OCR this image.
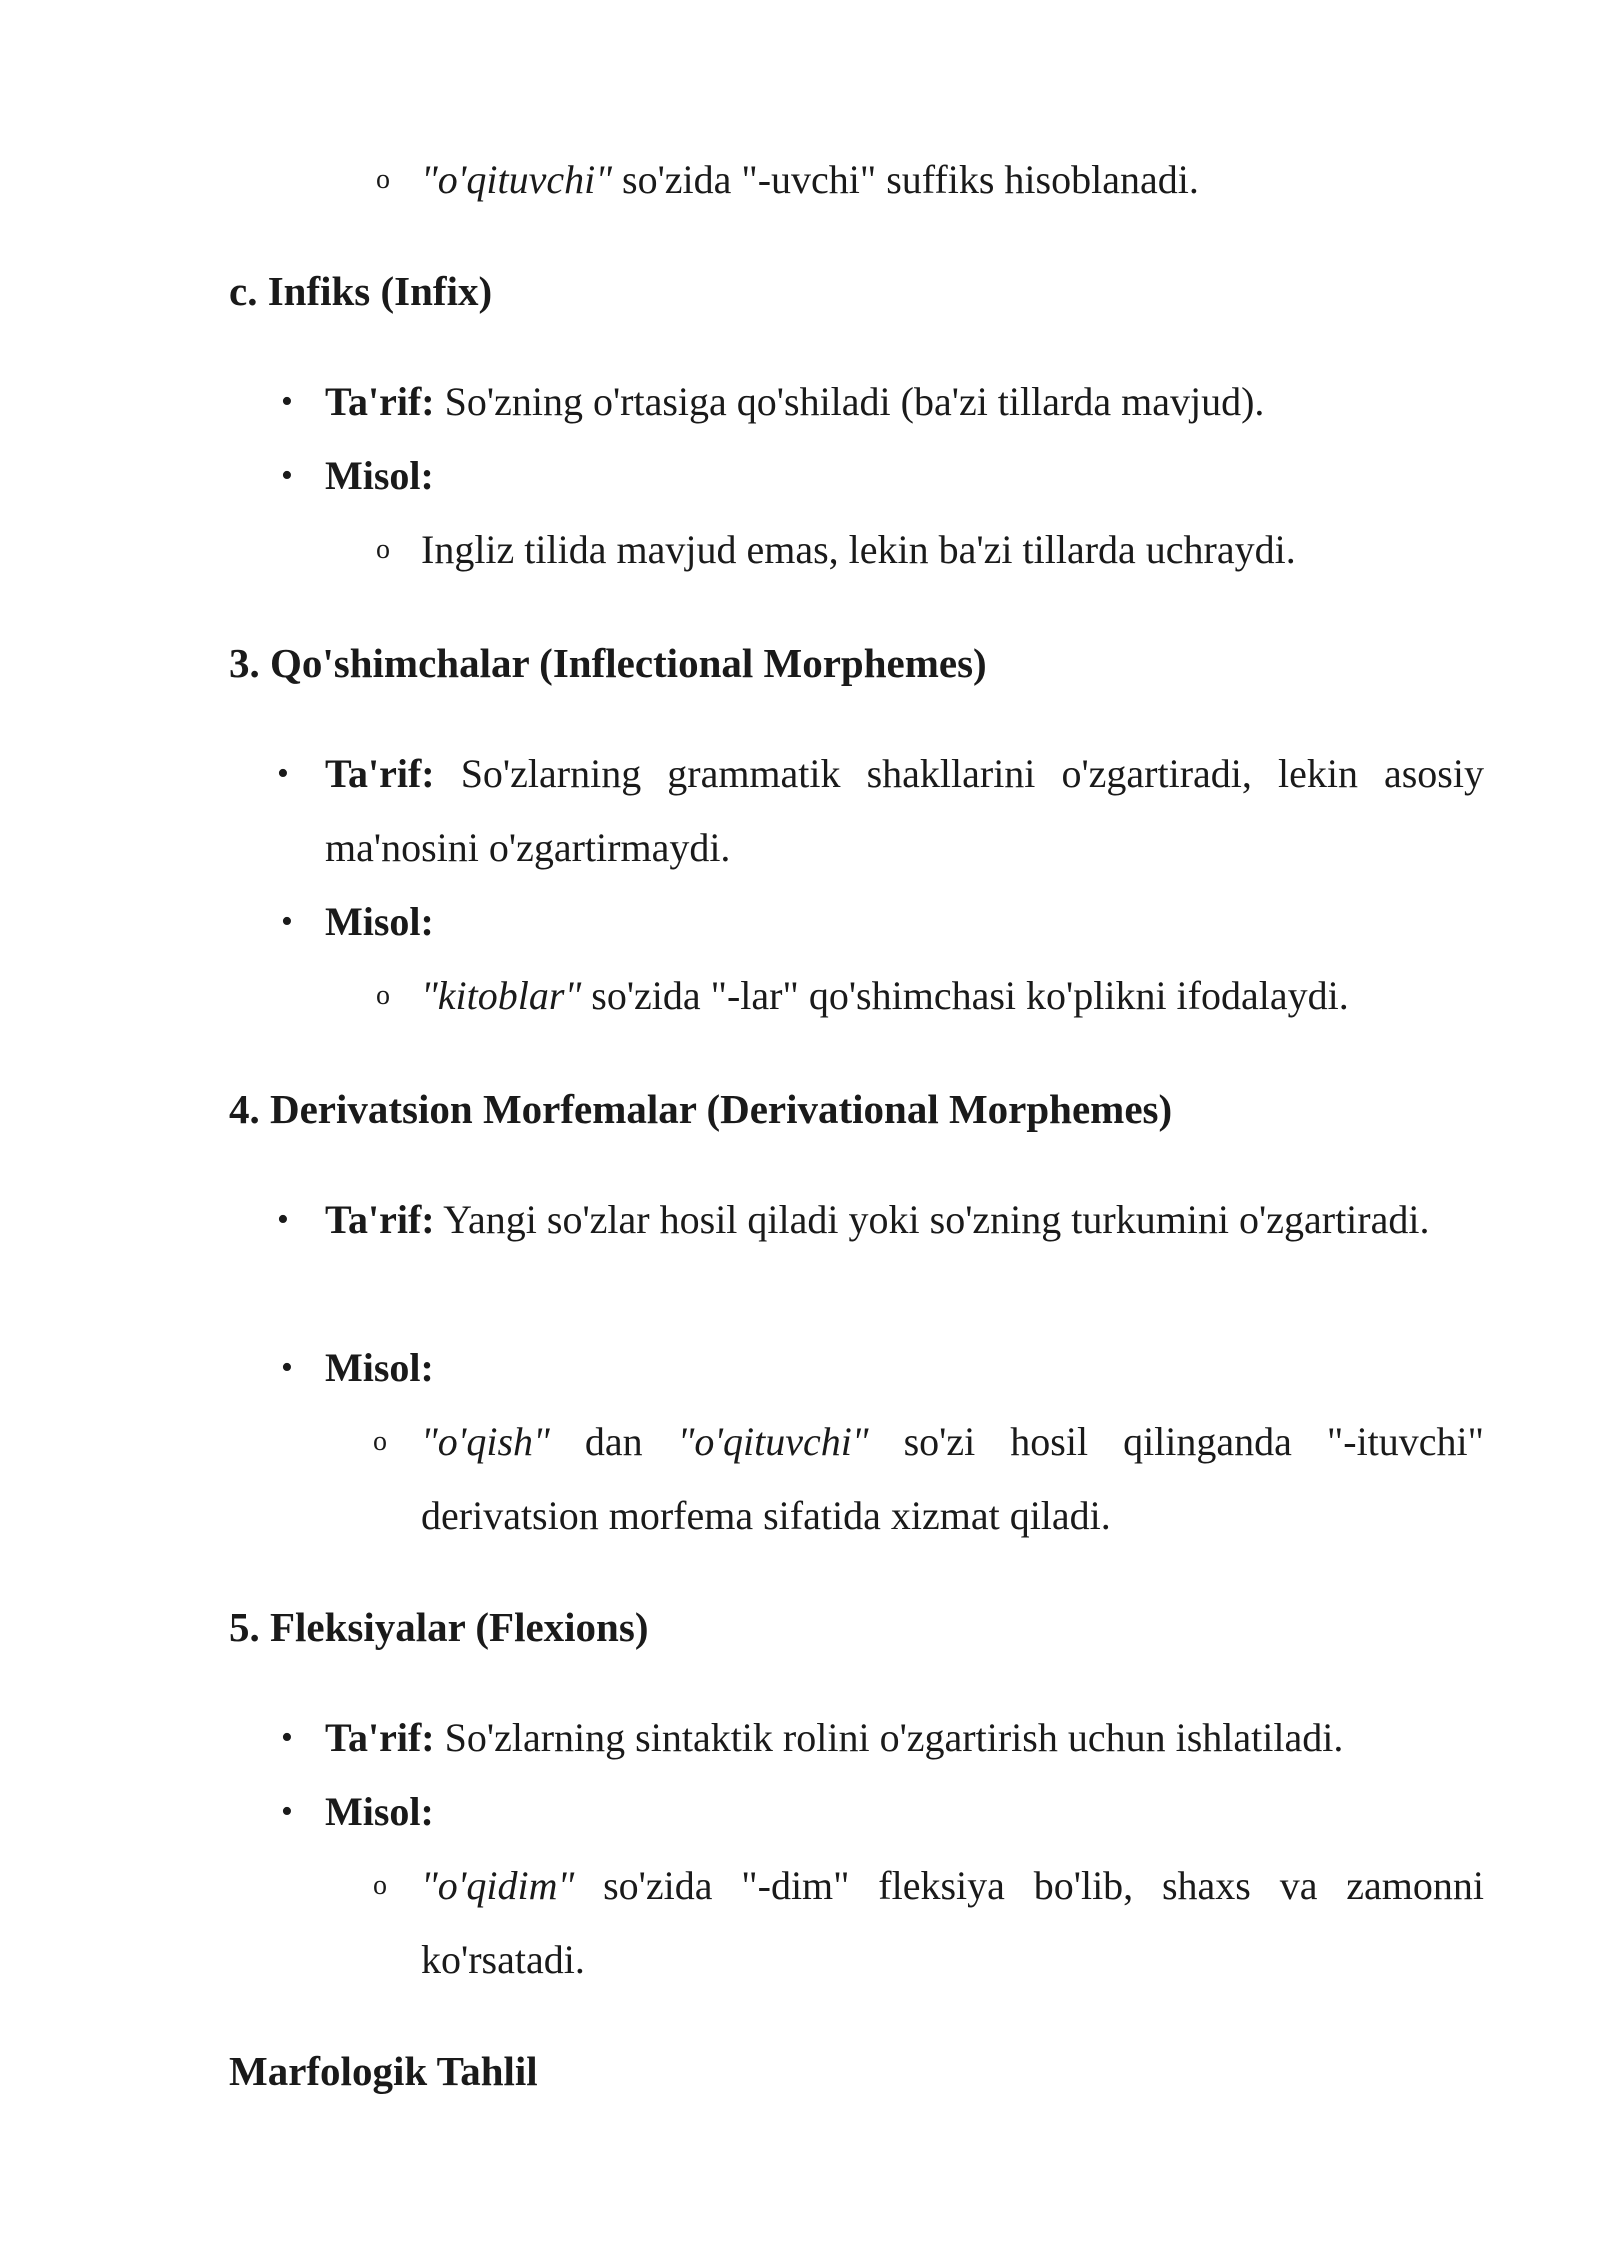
o "o'qituvchi" so'zida "-uvchi" suffiks hisoblanadi.
c. Infiks (Infix)
• Ta'rif: So'zning o'rtasiga qo'shiladi (ba'zi tillarda mavjud).
• Misol:
o Ingliz tilida mavjud emas, lekin ba'zi tillarda uchraydi.
3. Qo'shimchalar (Inflectional Morphemes)
• Ta'rif: So'zlarning grammatik shakllarini o'zgartiradi, lekin asosiy ma'nosini o'zgartirmaydi.
• Misol:
o "kitoblar" so'zida "-lar" qo'shimchasi ko'plikni ifodalaydi.
4. Derivatsion Morfemalar (Derivational Morphemes)
• Ta'rif: Yangi so'zlar hosil qiladi yoki so'zning turkumini o'zgartiradi.
• Misol:
o "o'qish" dan "o'qituvchi" so'zi hosil qilinganda "-ituvchi" derivatsion morfema sifatida xizmat qiladi.
5. Fleksiyalar (Flexions)
• Ta'rif: So'zlarning sintaktik rolini o'zgartirish uchun ishlatiladi.
• Misol:
o "o'qidim" so'zida "-dim" fleksiya bo'lib, shaxs va zamonni ko'rsatadi.
Marfologik Tahlil
